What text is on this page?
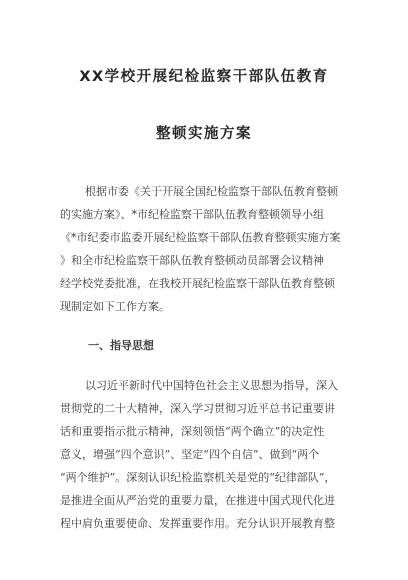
XX学校开展纪检监察干部队伍教育
整顿实施方案

根据市委《关于开展全国纪检监察干部队伍教育整顿
的实施方案》、*市纪检监察干部队伍教育整顿领导小组
《*市纪委市监委开展纪检监察干部队伍教育整顿实施方案
》和全市纪检监察干部队伍教育整顿动员部署会议精神
经学校党委批准，在我校开展纪检监察干部队伍教育整顿
现制定如下工作方案。

一、指导思想

以习近平新时代中国特色社会主义思想为指导，深入
贯彻党的二十大精神，深入学习贯彻习近平总书记重要讲
话和重要指示批示精神，深刻领悟“两个确立”的决定性
意义，增强“四个意识”、坚定“四个自信”、做到“两个
“两个维护”。深刻认识纪检监察机关是党的“纪律部队”，
是推进全面从严治党的重要力量，在推进中国式现代化进
程中肩负重要使命、发挥重要作用。充分认识开展教育整
